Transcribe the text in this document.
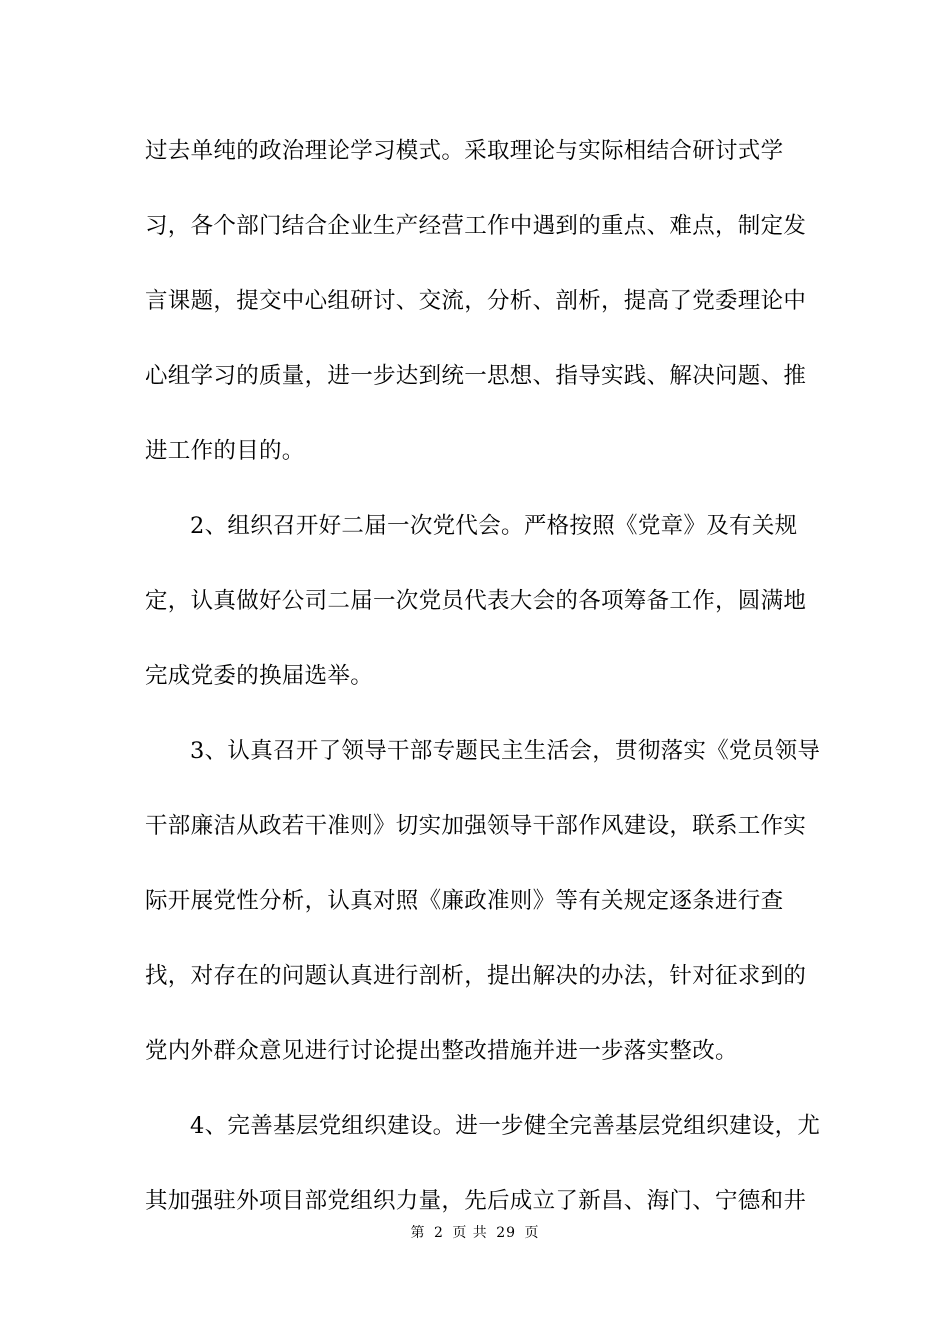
过去单纯的政治理论学习模式。采取理论与实际相结合研讨式学
习，各个部门结合企业生产经营工作中遇到的重点、难点，制定发
言课题，提交中心组研讨、交流，分析、剖析，提高了党委理论中
心组学习的质量，进一步达到统一思想、指导实践、解决问题、推
进工作的目的。
2、组织召开好二届一次党代会。严格按照《党章》及有关规
定，认真做好公司二届一次党员代表大会的各项筹备工作，圆满地
完成党委的换届选举。
3、认真召开了领导干部专题民主生活会，贯彻落实《党员领导
干部廉洁从政若干准则》切实加强领导干部作风建设，联系工作实
际开展党性分析，认真对照《廉政准则》等有关规定逐条进行查
找，对存在的问题认真进行剖析，提出解决的办法，针对征求到的
党内外群众意见进行讨论提出整改措施并进一步落实整改。
4、完善基层党组织建设。进一步健全完善基层党组织建设，尤
其加强驻外项目部党组织力量，先后成立了新昌、海门、宁德和井
第 2 页 共 29 页
